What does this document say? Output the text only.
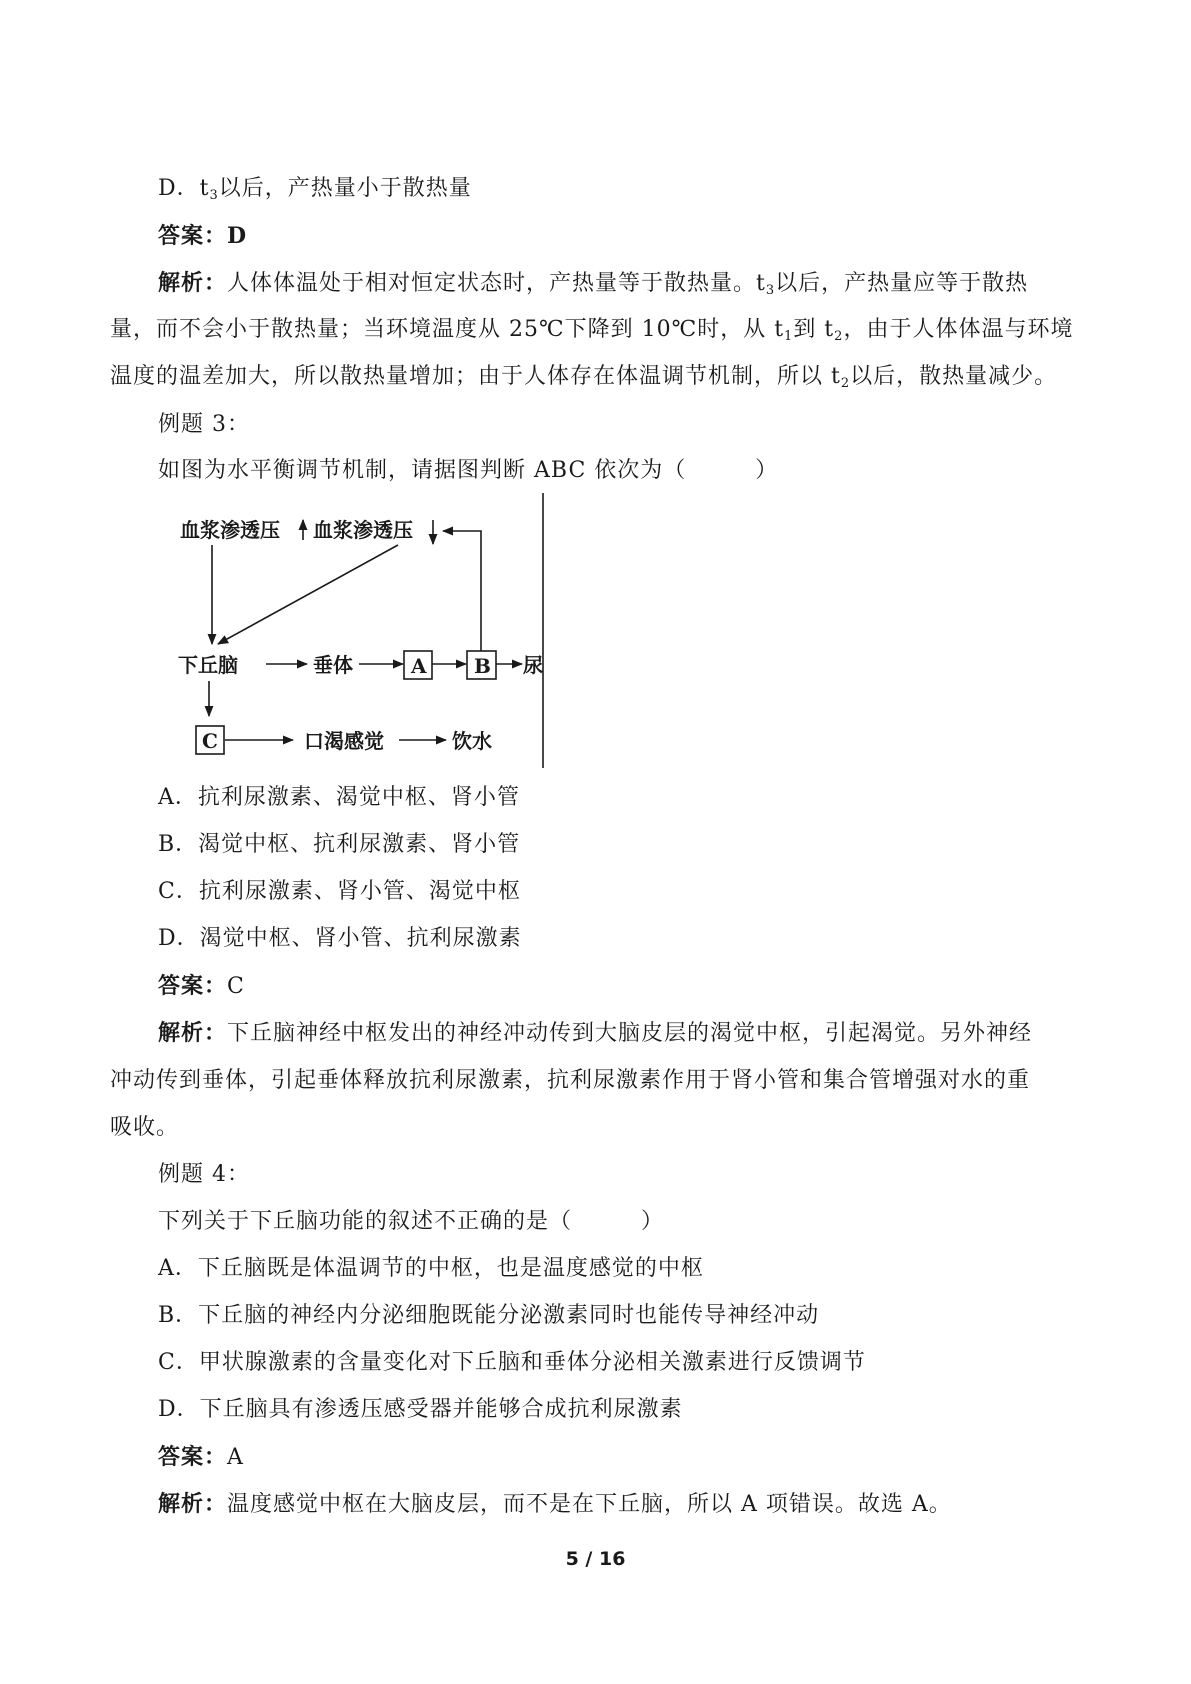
D．$t_3$以后，产热量小于散热量
答案：D
解析：人体体温处于相对恒定状态时，产热量等于散热量。$t_3$以后，产热量应等于散热
量，而不会小于散热量；当环境温度从 25℃下降到 10℃时，从 $t_1$到 $t_2$，由于人体体温与环境
温度的温差加大，所以散热量增加；由于人体存在体温调节机制，所以 $t_2$以后，散热量减少。
例题 3：
如图为水平衡调节机制，请据图判断 ABC 依次为（　　　）
血浆渗透压 血浆渗透压
下丘脑	垂体	A B 尿
C	口渴感觉	饮水
A．抗利尿激素、渴觉中枢、肾小管
B．渴觉中枢、抗利尿激素、肾小管
C．抗利尿激素、肾小管、渴觉中枢
D．渴觉中枢、肾小管、抗利尿激素
答案：C
解析：下丘脑神经中枢发出的神经冲动传到大脑皮层的渴觉中枢，引起渴觉。另外神经
冲动传到垂体，引起垂体释放抗利尿激素，抗利尿激素作用于肾小管和集合管增强对水的重
吸收。
例题 4：
下列关于下丘脑功能的叙述不正确的是（　　　）
A．下丘脑既是体温调节的中枢，也是温度感觉的中枢
B．下丘脑的神经内分泌细胞既能分泌激素同时也能传导神经冲动
C．甲状腺激素的含量变化对下丘脑和垂体分泌相关激素进行反馈调节
D．下丘脑具有渗透压感受器并能够合成抗利尿激素
答案：A
解析：温度感觉中枢在大脑皮层，而不是在下丘脑，所以 A 项错误。故选 A。
5 / 16
